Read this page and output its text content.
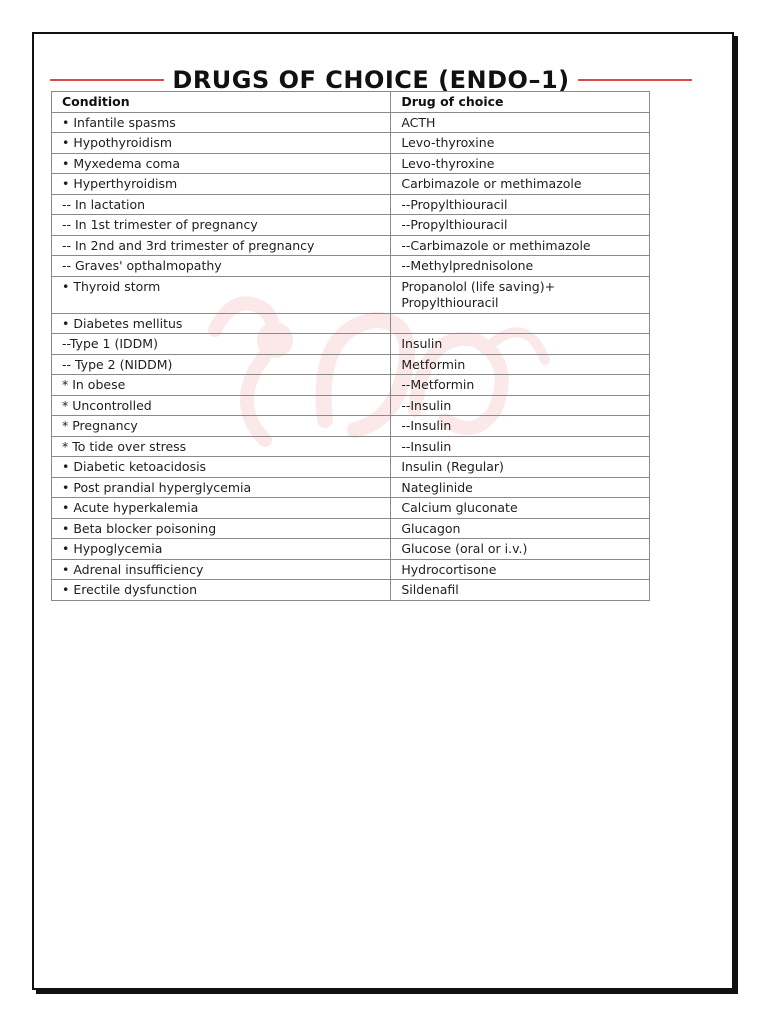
DRUGS OF CHOICE (ENDO–1)
Condition	Drug of choice
• Infantile spasms	ACTH
• Hypothyroidism	Levo-thyroxine
• Myxedema coma	Levo-thyroxine
• Hyperthyroidism	Carbimazole or methimazole
-- In lactation	--Propylthiouracil
-- In 1st trimester of pregnancy	--Propylthiouracil
-- In 2nd and 3rd trimester of pregnancy	--Carbimazole or methimazole
-- Graves' opthalmopathy	--Methylprednisolone
• Thyroid storm	Propanolol (life saving)+
Propylthiouracil
• Diabetes mellitus	
--Type 1 (IDDM)	Insulin
-- Type 2 (NIDDM)	Metformin
* In obese	--Metformin
* Uncontrolled	--Insulin
* Pregnancy	--Insulin
* To tide over stress	--Insulin
• Diabetic ketoacidosis	Insulin (Regular)
• Post prandial hyperglycemia	Nateglinide
• Acute hyperkalemia	Calcium gluconate
• Beta blocker poisoning	Glucagon
• Hypoglycemia	Glucose (oral or i.v.)
• Adrenal insufficiency	Hydrocortisone
• Erectile dysfunction	Sildenafil
